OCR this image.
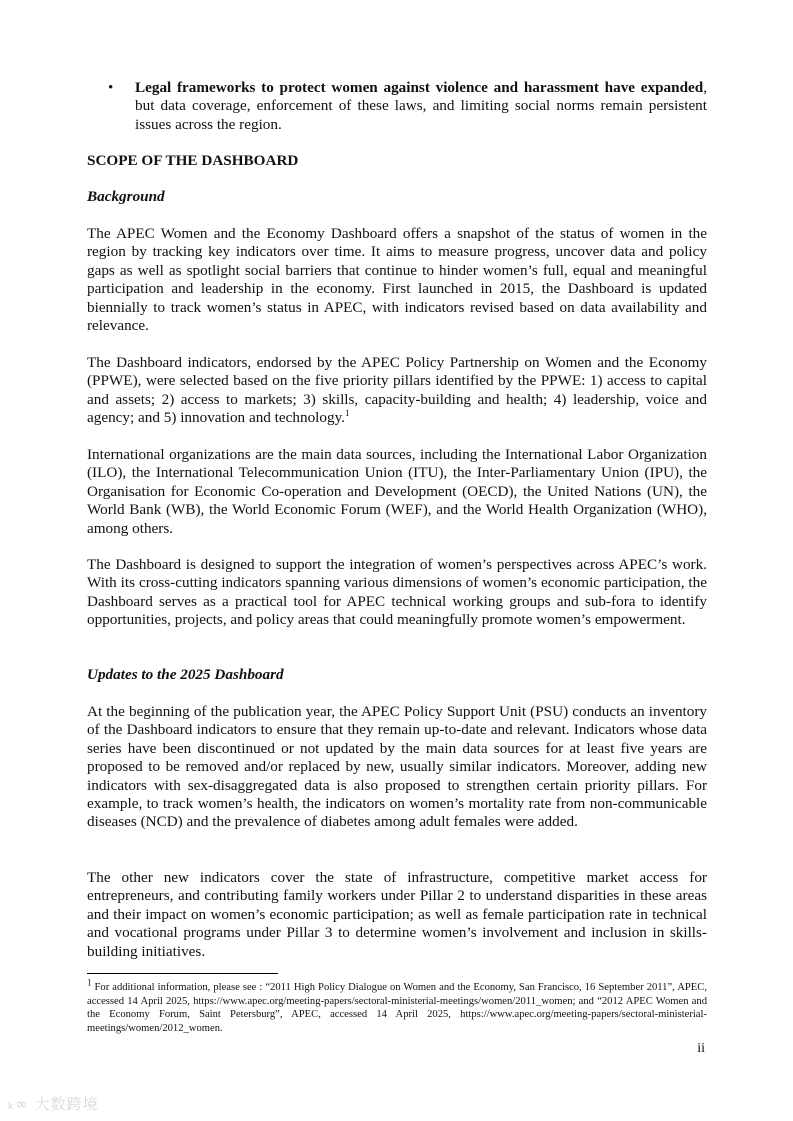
• Legal frameworks to protect women against violence and harassment have expanded, but data coverage, enforcement of these laws, and limiting social norms remain persistent issues across the region.
SCOPE OF THE DASHBOARD
Background
The APEC Women and the Economy Dashboard offers a snapshot of the status of women in the region by tracking key indicators over time. It aims to measure progress, uncover data and policy gaps as well as spotlight social barriers that continue to hinder women’s full, equal and meaningful participation and leadership in the economy. First launched in 2015, the Dashboard is updated biennially to track women’s status in APEC, with indicators revised based on data availability and relevance.
The Dashboard indicators, endorsed by the APEC Policy Partnership on Women and the Economy (PPWE), were selected based on the five priority pillars identified by the PPWE: 1) access to capital and assets; 2) access to markets; 3) skills, capacity-building and health; 4) leadership, voice and agency; and 5) innovation and technology.$^1$
International organizations are the main data sources, including the International Labor Organization (ILO), the International Telecommunication Union (ITU), the Inter-Parliamentary Union (IPU), the Organisation for Economic Co-operation and Development (OECD), the United Nations (UN), the World Bank (WB), the World Economic Forum (WEF), and the World Health Organization (WHO), among others.
The Dashboard is designed to support the integration of women’s perspectives across APEC’s work. With its cross-cutting indicators spanning various dimensions of women’s economic participation, the Dashboard serves as a practical tool for APEC technical working groups and sub-fora to identify opportunities, projects, and policy areas that could meaningfully promote women’s empowerment.
Updates to the 2025 Dashboard
At the beginning of the publication year, the APEC Policy Support Unit (PSU) conducts an inventory of the Dashboard indicators to ensure that they remain up-to-date and relevant. Indicators whose data series have been discontinued or not updated by the main data sources for at least five years are proposed to be removed and/or replaced by new, usually similar indicators. Moreover, adding new indicators with sex-disaggregated data is also proposed to strengthen certain priority pillars. For example, to track women’s health, the indicators on women’s mortality rate from non-communicable diseases (NCD) and the prevalence of diabetes among adult females were added.
The other new indicators cover the state of infrastructure, competitive market access for entrepreneurs, and contributing family workers under Pillar 2 to understand disparities in these areas and their impact on women’s economic participation; as well as female participation rate in technical and vocational programs under Pillar 3 to determine women’s involvement and inclusion in skills-building initiatives.
$^1$ For additional information, please see : “2011 High Policy Dialogue on Women and the Economy, San Francisco, 16 September 2011”, APEC, accessed 14 April 2025, https://www.apec.org/meeting-papers/sectoral-ministerial-meetings/women/2011_women; and “2012 APEC Women and the Economy Forum, Saint Petersburg”, APEC, accessed 14 April 2025, https://www.apec.org/meeting-papers/sectoral-ministerial-meetings/women/2012_women.
ii
ₖ∞ 大数跨境
